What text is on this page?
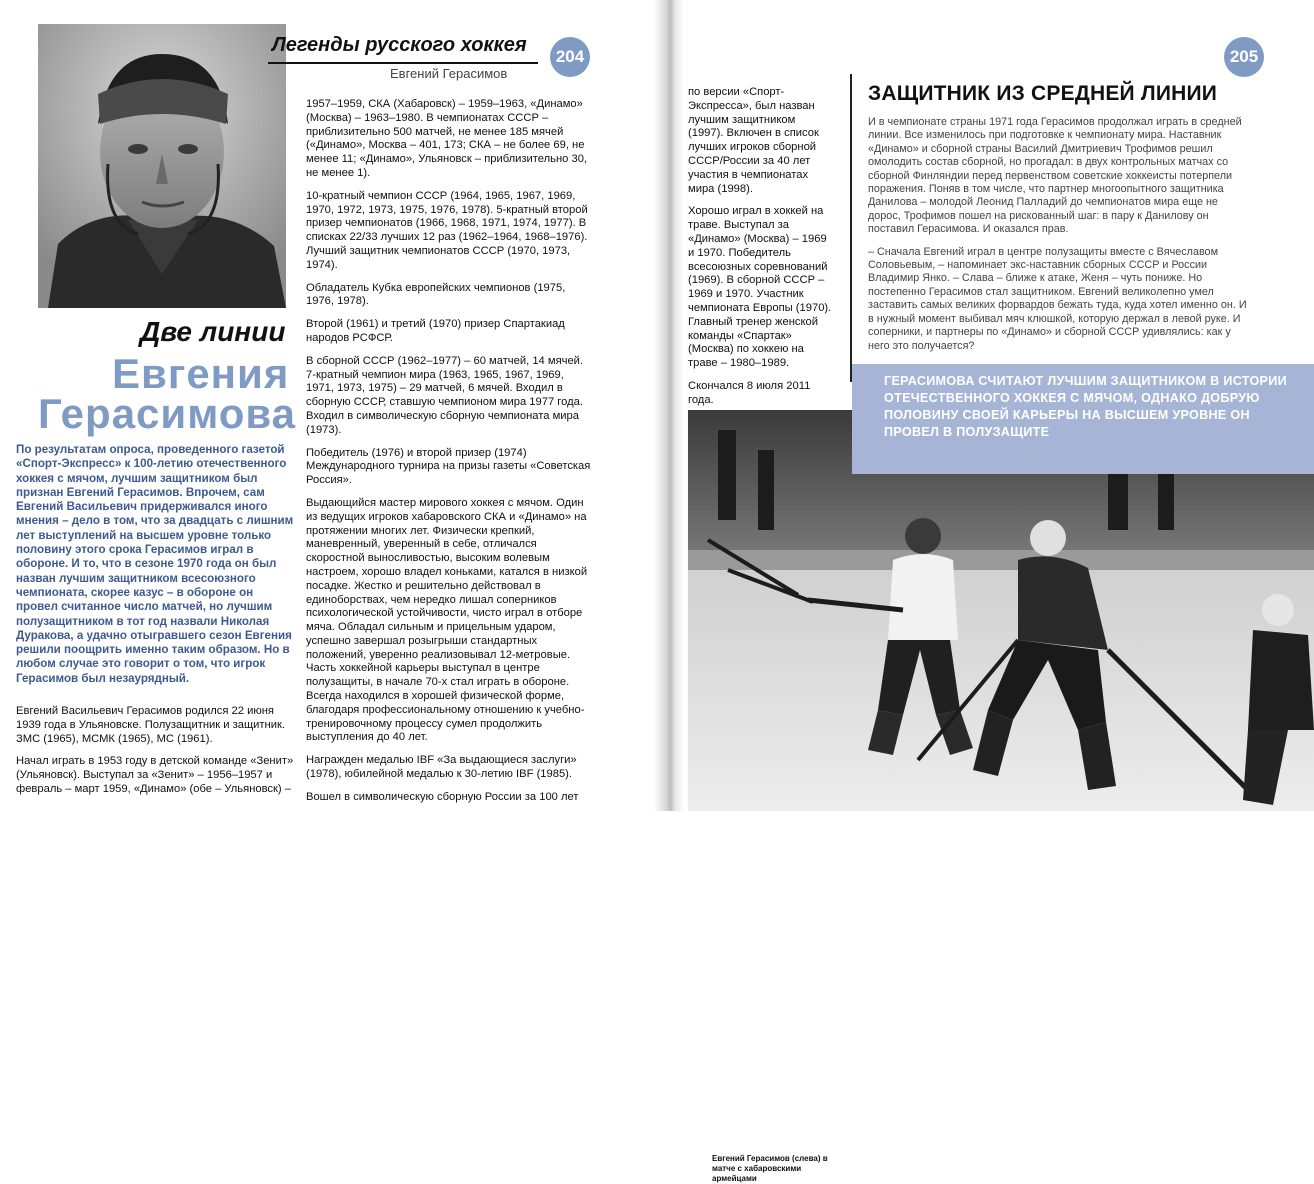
Легенды русского хоккея
Евгений Герасимов
204
Две линии
Евгения
Герасимова
По результатам опроса, проведенного газетой «Спорт-Экспресс» к 100-летию отечественного хоккея с мячом, лучшим защитником был признан Евгений Герасимов. Впрочем, сам Евгений Васильевич придерживался иного мнения – дело в том, что за двадцать с лишним лет выступлений на высшем уровне только половину этого срока Герасимов играл в обороне. И то, что в сезоне 1970 года он был назван лучшим защитником всесоюзного чемпионата, скорее казус – в обороне он провел считанное число матчей, но лучшим полузащитником в тот год назвали Николая Дуракова, а удачно отыгравшего сезон Евгения решили поощрить именно таким образом. Но в любом случае это говорит о том, что игрок Герасимов был незаурядный.

Евгений Васильевич Герасимов родился 22 июня 1939 года в Ульяновске. Полузащитник и защитник. ЗМС (1965), МСМК (1965), МС (1961).

Начал играть в 1953 году в детской команде «Зенит» (Ульяновск). Выступал за «Зенит» – 1956–1957 и февраль – март 1959, «Динамо» (обе – Ульяновск) –

1957–1959, СКА (Хабаровск) – 1959–1963, «Динамо» (Москва) – 1963–1980. В чемпионатах СССР – приблизительно 500 матчей, не менее 185 мячей («Динамо», Москва – 401, 173; СКА – не более 69, не менее 11; «Динамо», Ульяновск – приблизительно 30, не менее 1).

10-кратный чемпион СССР (1964, 1965, 1967, 1969, 1970, 1972, 1973, 1975, 1976, 1978). 5-кратный второй призер чемпионатов (1966, 1968, 1971, 1974, 1977). В списках 22/33 лучших 12 раз (1962–1964, 1968–1976). Лучший защитник чемпионатов СССР (1970, 1973, 1974).

Обладатель Кубка европейских чемпионов (1975, 1976, 1978).

Второй (1961) и третий (1970) призер Спартакиад народов РСФСР.

В сборной СССР (1962–1977) – 60 матчей, 14 мячей. 7-кратный чемпион мира (1963, 1965, 1967, 1969, 1971, 1973, 1975) – 29 матчей, 6 мячей. Входил в сборную СССР, ставшую чемпионом мира 1977 года. Входил в символическую сборную чемпионата мира (1973).

Победитель (1976) и второй призер (1974) Международного турнира на призы газеты «Советская Россия».

Выдающийся мастер мирового хоккея с мячом. Один из ведущих игроков хабаровского СКА и «Динамо» на протяжении многих лет. Физически крепкий, маневренный, уверенный в себе, отличался скоростной выносливостью, высоким волевым настроем, хорошо владел коньками, катался в низкой посадке. Жестко и решительно действовал в единоборствах, чем нередко лишал соперников психологической устойчивости, чисто играл в отборе мяча. Обладал сильным и прицельным ударом, успешно завершал розыгрыши стандартных положений, уверенно реализовывал 12-метровые. Часть хоккейной карьеры выступал в центре полузащиты, в начале 70-х стал играть в обороне. Всегда находился в хорошей физической форме, благодаря профессиональному отношению к учебно-тренировочному процессу сумел продолжить выступления до 40 лет.

Награжден медалью IBF «За выдающиеся заслуги» (1978), юбилейной медалью к 30-летию IBF (1985).

Вошел в символическую сборную России за 100 лет

205

по версии «Спорт-Экспресса», был назван лучшим защитником (1997). Включен в список лучших игроков сборной СССР/России за 40 лет участия в чемпионатах мира (1998).

Хорошо играл в хоккей на траве. Выступал за «Динамо» (Москва) – 1969 и 1970. Победитель всесоюзных соревнований (1969). В сборной СССР – 1969 и 1970. Участник чемпионата Европы (1970). Главный тренер женской команды «Спартак» (Москва) по хоккею на траве – 1980–1989.

Скончался 8 июля 2011 года.

ЗАЩИТНИК ИЗ СРЕДНЕЙ ЛИНИИ

И в чемпионате страны 1971 года Герасимов продолжал играть в средней линии. Все изменилось при подготовке к чемпионату мира. Наставник «Динамо» и сборной страны Василий Дмитриевич Трофимов решил омолодить состав сборной, но прогадал: в двух контрольных матчах со сборной Финляндии перед первенством советские хоккеисты потерпели поражения. Поняв в том числе, что партнер многоопытного защитника Данилова – молодой Леонид Палладий до чемпионатов мира еще не дорос, Трофимов пошел на рискованный шаг: в пару к Данилову он поставил Герасимова. И оказался прав.

– Сначала Евгений играл в центре полузащиты вместе с Вячеславом Соловьевым, – напоминает экс-наставник сборных СССР и России Владимир Янко. – Слава – ближе к атаке, Женя – чуть пониже. Но постепенно Герасимов стал защитником. Евгений великолепно умел заставить самых великих форвардов бежать туда, куда хотел именно он. И в нужный момент выбивал мяч клюшкой, которую держал в левой руке. И соперники, и партнеры по «Динамо» и сборной СССР удивлялись: как у него это получается?

Евгений Герасимов (слева) в матче с хабаровскими армейцами
ГЕРАСИМОВА СЧИТАЮТ ЛУЧШИМ ЗАЩИТНИКОМ В ИСТОРИИ ОТЕЧЕСТВЕННОГО ХОККЕЯ С МЯЧОМ, ОДНАКО ДОБРУЮ ПОЛОВИНУ СВОЕЙ КАРЬЕРЫ НА ВЫСШЕМ УРОВНЕ ОН ПРОВЕЛ В ПОЛУЗАЩИТЕ
